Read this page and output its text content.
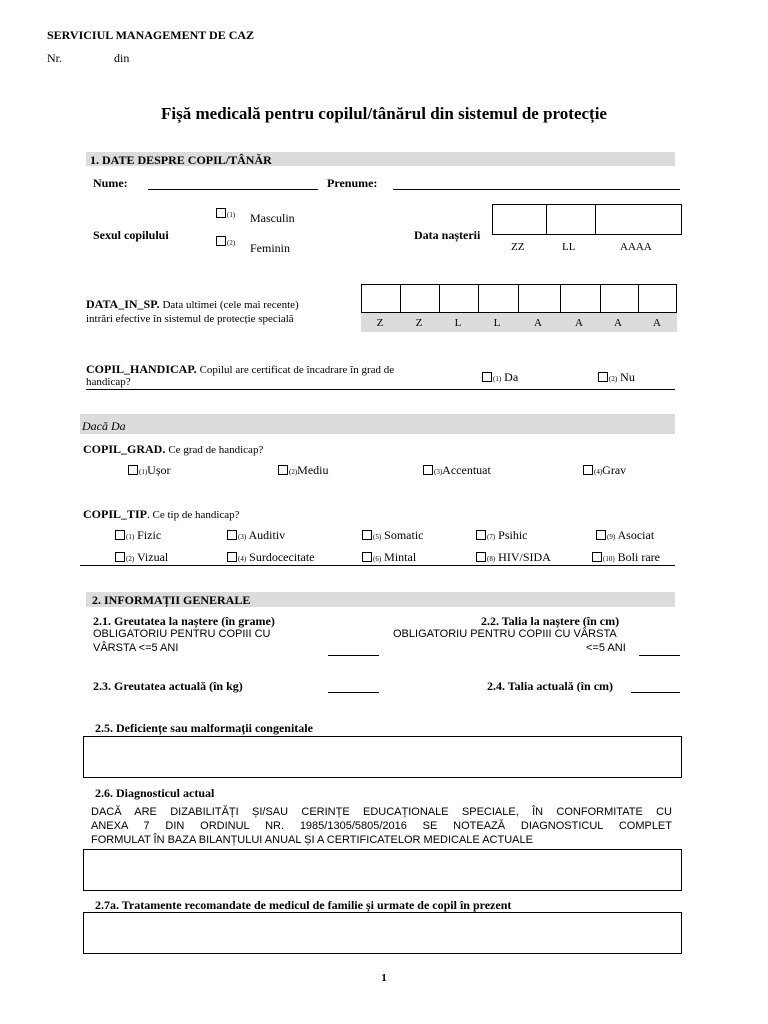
SERVICIUL MANAGEMENT DE CAZ
Nr.	din
Fișă medicală pentru copilul/tânărul din sistemul de protecție
1. DATE DESPRE COPIL/TÂNĂR
Nume:	Prenume:
Sexul copilului
(1) Masculin
(2) Feminin
Data nașterii
ZZ	LL	AAAA
DATA_IN_SP. Data ultimei (cele mai recente)
intrări efective în sistemul de protecție specială	Z	Z	L	L	A	A	A	A
COPIL_HANDICAP. Copilul are certificat de încadrare în grad de
handicap?	(1) Da	(2) Nu
Dacă Da
COPIL_GRAD. Ce grad de handicap?
(1)Ușor	(2)Mediu	(3)Accentuat	(4)Grav
COPIL_TIP. Ce tip de handicap?
(1) Fizic	(3) Auditiv	(5) Somatic	(7) Psihic	(9) Asociat
(2) Vizual	(4) Surdocecitate	(6) Mintal	(8) HIV/SIDA	(10) Boli rare
2. INFORMAȚII GENERALE
2.1. Greutatea la naștere (în grame)
OBLIGATORIU PENTRU COPIII CU
VÂRSTA <=5 ANI
2.2. Talia la naștere (în cm)
OBLIGATORIU PENTRU COPIII CU VÂRSTA
<=5 ANI
2.3. Greutatea actuală (în kg)	2.4. Talia actuală (în cm)
2.5. Deficiențe sau malformații congenitale
2.6. Diagnosticul actual
DACĂ ARE DIZABILITĂȚI ȘI/SAU CERINȚE EDUCAȚIONALE SPECIALE, ÎN CONFORMITATE CU
ANEXA 7 DIN ORDINUL NR. 1985/1305/5805/2016 SE NOTEAZĂ DIAGNOSTICUL COMPLET
FORMULAT ÎN BAZA BILANȚULUI ANUAL ȘI A CERTIFICATELOR MEDICALE ACTUALE
2.7a. Tratamente recomandate de medicul de familie și urmate de copil în prezent
1
